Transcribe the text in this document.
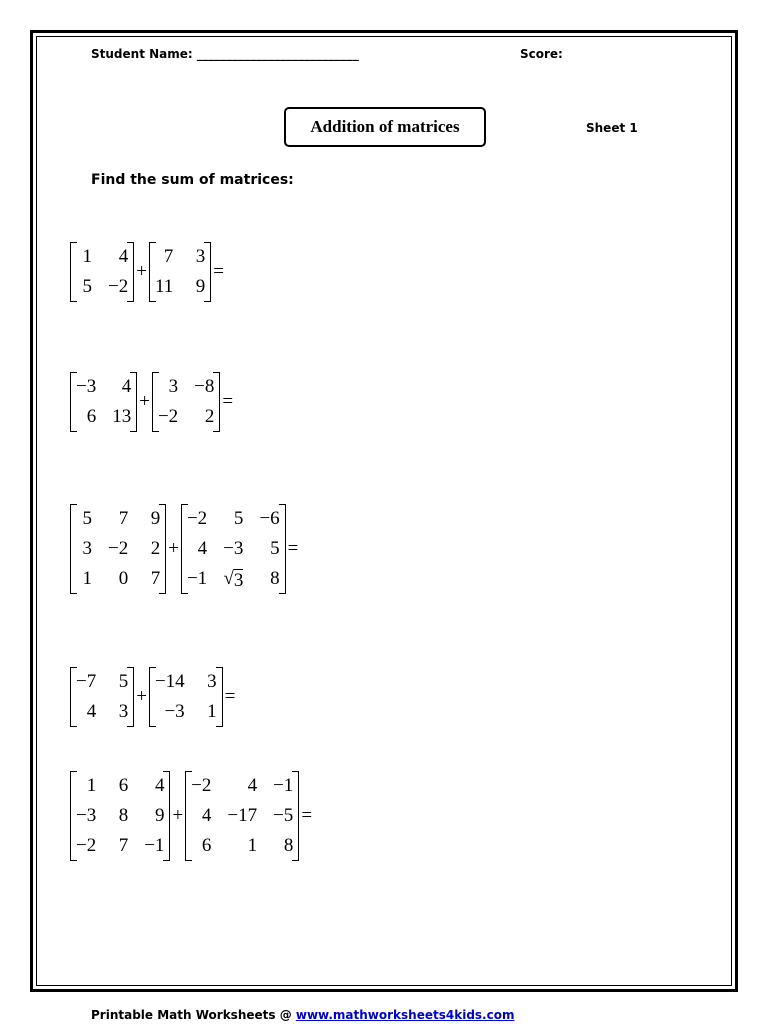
Student Name: ___________________________	Score:
Addition of matrices	Sheet 1
Find the sum of matrices:
1	4
5 −2
+
7	3
11	9
=
−3	4
6 13
+
3 −8
−2	2
=
5	7	9
3 −2	2
1	0	7
+
−2	5 −6
4 −3	5
−1 √ 3	8
=
−7	5
4	3
+
−14	3
−3	1
=
1	6	4
−3	8	9
−2	7 −1
+
−2	4 −1
4 −17 −5
6	1	8
=
Printable Math Worksheets @ www.mathworksheets4kids.com
